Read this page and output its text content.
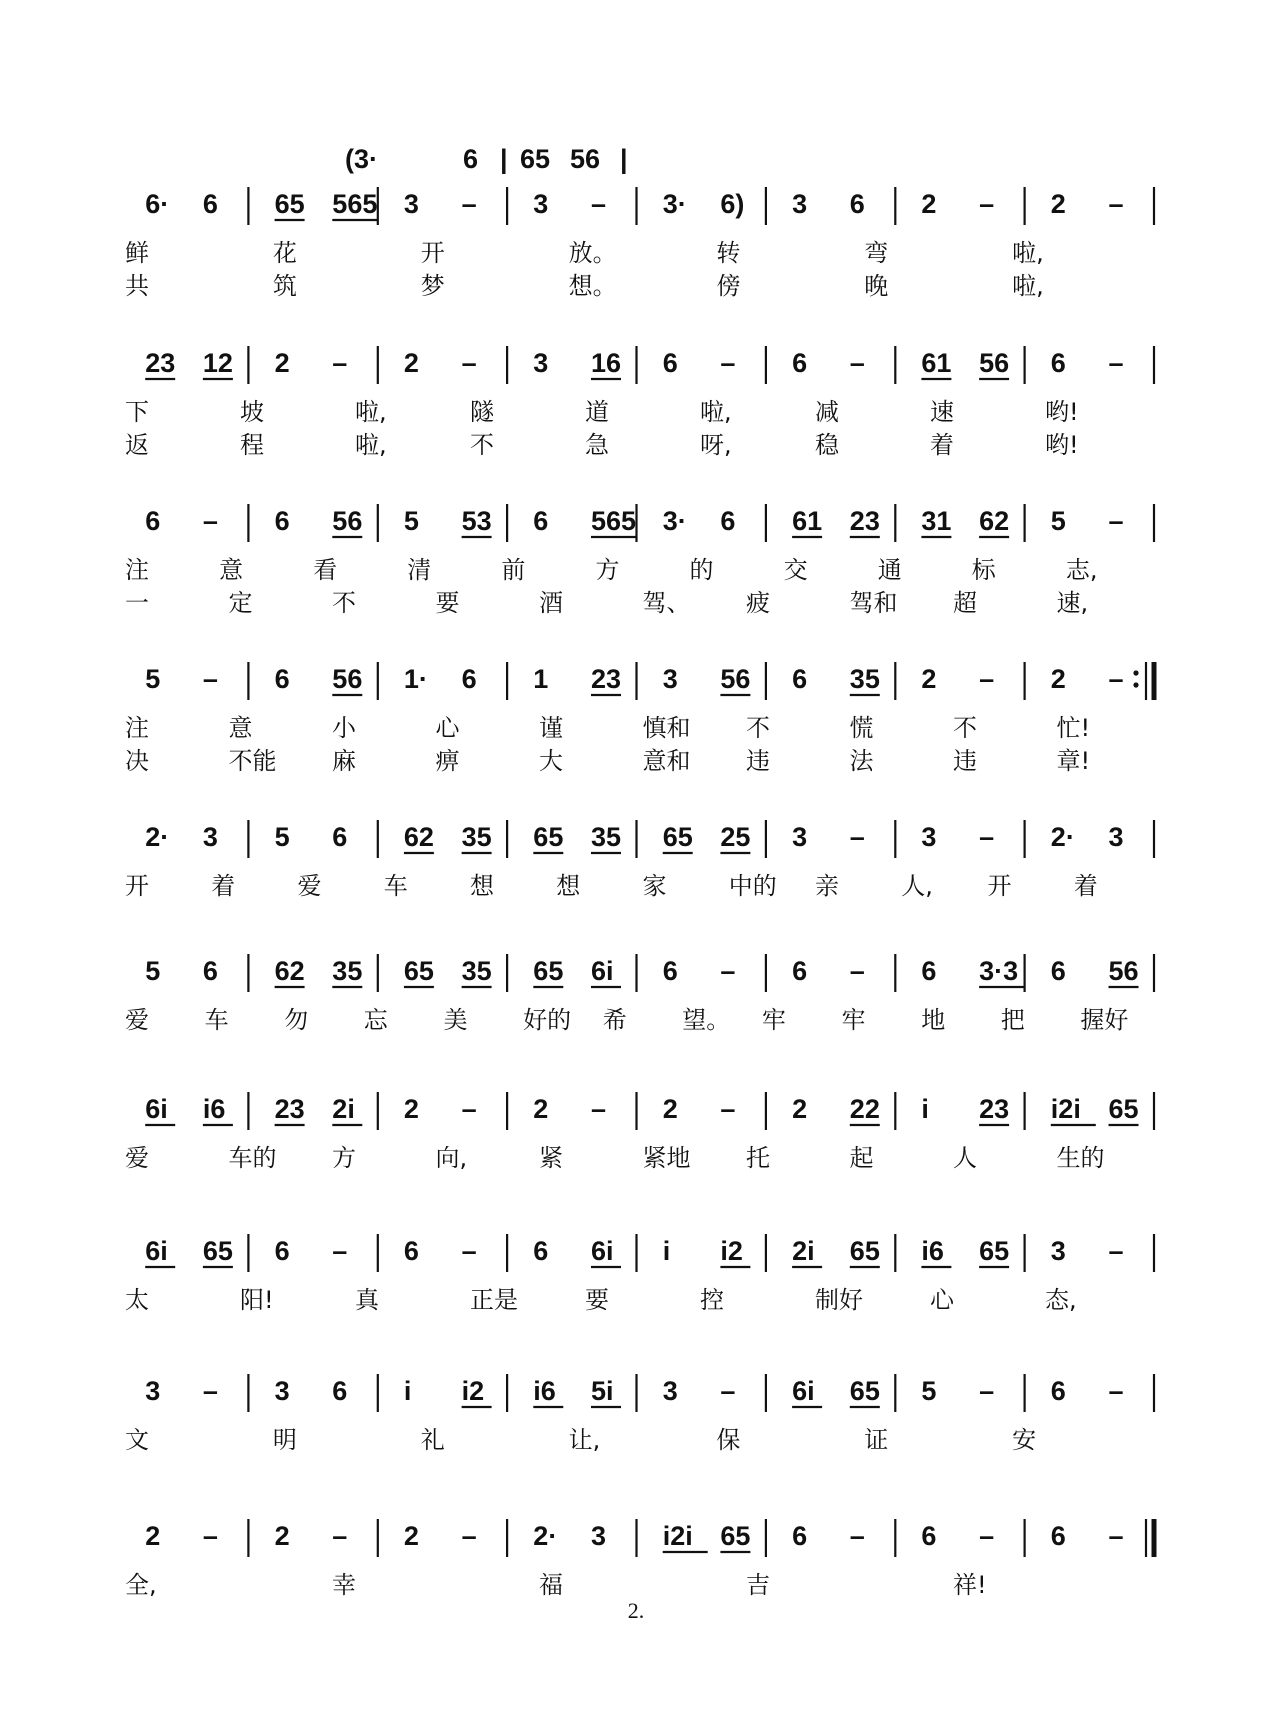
(3·	6 | 65 56 |
6· 6 65 565 3 – 3 – 3· 6) 3 6 2 – 2 –
鲜	花	开	放。	转	弯	啦,
共	筑	梦	想。	傍	晚	啦,
23 12 2 – 2 – 3 16 6 – 6 – 61 56 6 –
下	坡	啦,	隧	道	啦,	减	速	哟!
返	程	啦,	不	急	呀,	稳	着	哟!
6 – 6 56 5 53 6 565 3· 6 61 23 31 62 5 –
注	意	看	清	前	方	的	交	通	标	志,
一	定	不	要	酒	驾、 疲	驾和 超	速,
5 – 6 56 1· 6 1 23 3 56 6 35 2 – 2 –
注	意	小	心	谨	慎和 不	慌	不	忙!
决	不能 麻	痹	大	意和 违	法	违	章!
2· 3 5 6 62 35 65 35 65 25 3 – 3 – 2· 3
开	着	爱	车	想	想	家	中的 亲	人, 开	着
5 6 62 35 65 35 65 6i 6 – 6 – 6 3·3 6 56
爱 车 勿 忘 美 好的 希 望。 牢 牢 地 把 握好
6i i6 23 2i 2 – 2 – 2 – 2 22 i 23 i2i 65
爱	车的 方	向,	紧	紧地 托	起	人	生的
6i 65 6 – 6 – 6 6i i i2 2i 65 i6 65 3 –
太	阳!	真	正是	要	控	制好	心	态,
3 – 3 6 i i2 i6 5i 3 – 6i 65 5 – 6 –
文	明	礼	让,	保	证	安
2 – 2 – 2 – 2· 3 i2i 65 6 – 6 – 6 –
全,	幸	福	吉	祥!
2.
